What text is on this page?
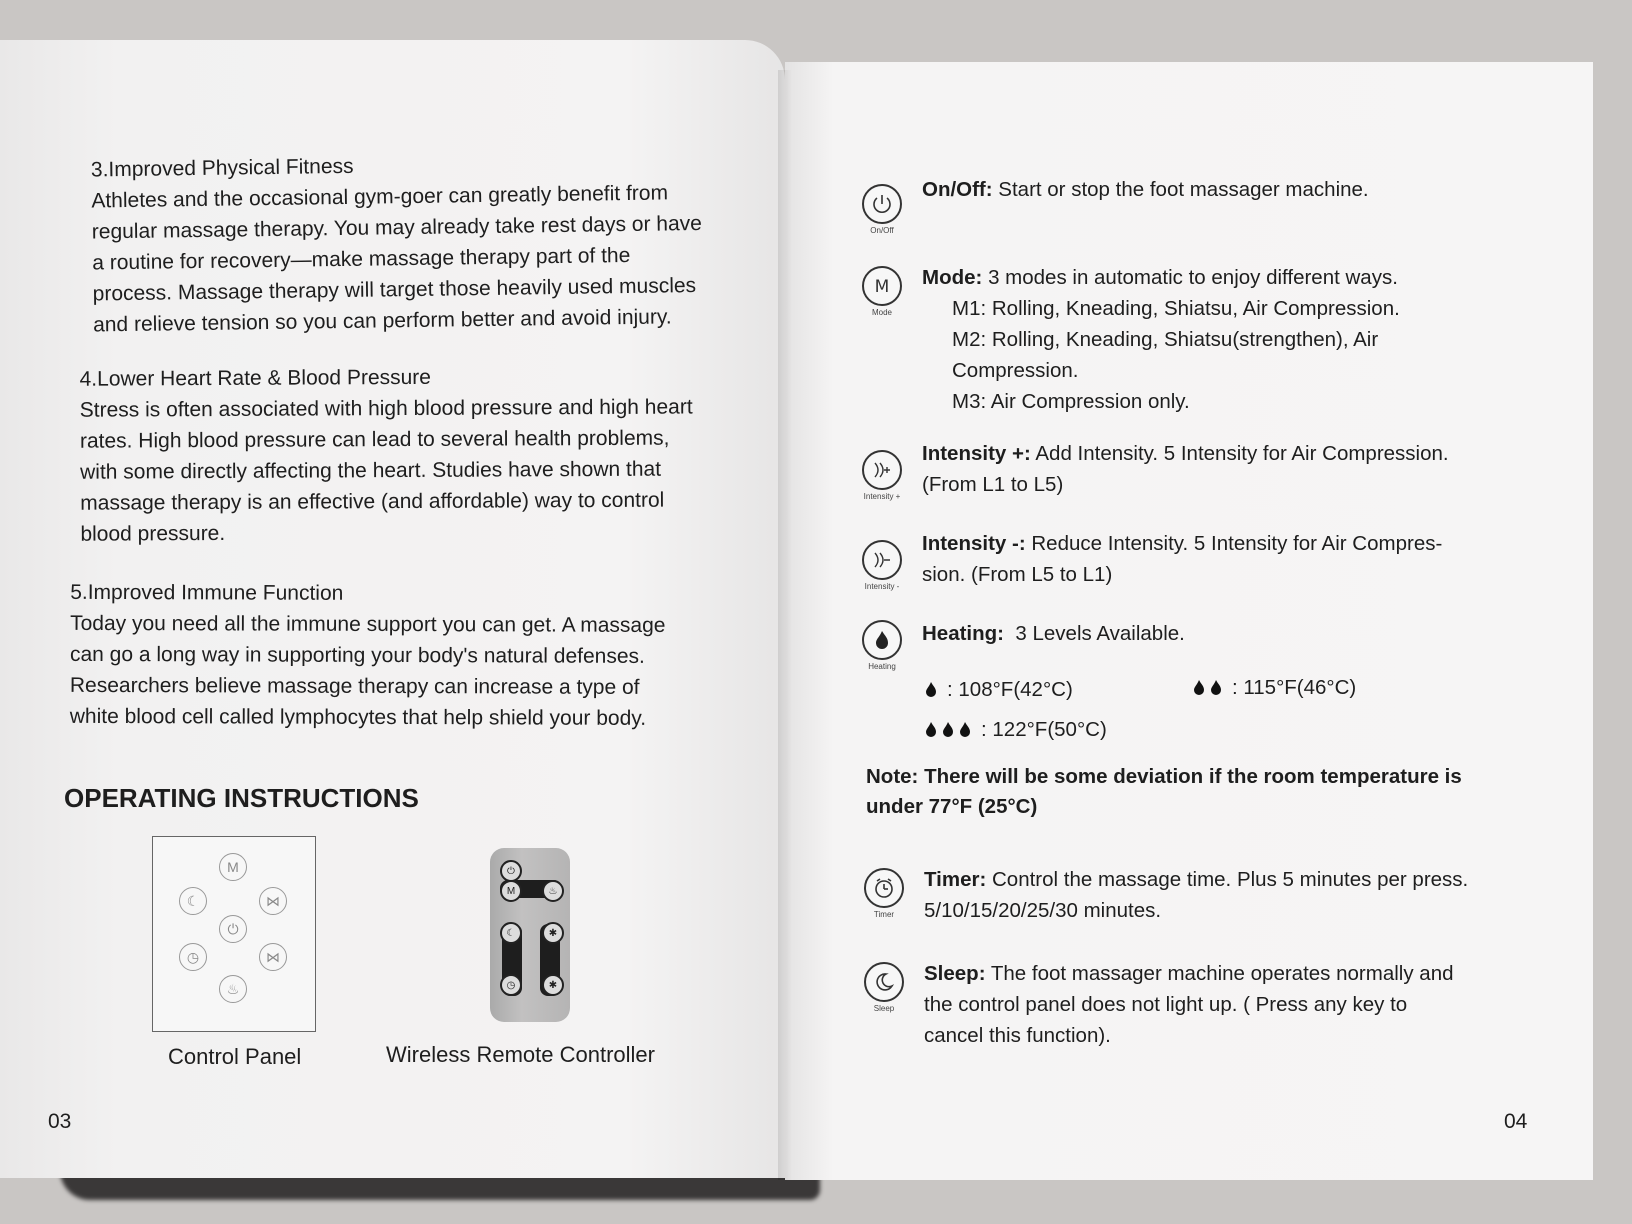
3.Improved Physical Fitness
Athletes and the occasional gym-goer can greatly benefit from
regular massage therapy. You may already take rest days or have
a routine for recovery—make massage therapy part of the
process. Massage therapy will target those heavily used muscles
and relieve tension so you can perform better and avoid injury.
4.Lower Heart Rate & Blood Pressure
Stress is often associated with high blood pressure and high heart
rates. High blood pressure can lead to several health problems,
with some directly affecting the heart. Studies have shown that
massage therapy is an effective (and affordable) way to control
blood pressure.
5.Improved Immune Function
Today you need all the immune support you can get. A massage
can go a long way in supporting your body's natural defenses.
Researchers believe massage therapy can increase a type of
white blood cell called lymphocytes that help shield your body.
OPERATING INSTRUCTIONS
M
☾	⋈
⏻
◷	⋈
♨
⏻
M	♨
☾	✱
◷	✱
Control Panel	Wireless Remote Controller
03
On/Off
On/Off: Start or stop the foot massager machine.
M
Mode
Mode: 3 modes in automatic to enjoy different ways.
M1: Rolling, Kneading, Shiatsu, Air Compression.
M2: Rolling, Kneading, Shiatsu(strengthen), Air
Compression.
M3: Air Compression only.
Intensity +
Intensity +: Add Intensity. 5 Intensity for Air Compression.
(From L1 to L5)
Intensity -
Intensity -: Reduce Intensity. 5 Intensity for Air Compres-
sion. (From L5 to L1)
Heating
Heating: 3 Levels Available.
: 108°F(42°C)	: 115°F(46°C)
: 122°F(50°C)
Note: There will be some deviation if the room temperature is
under 77°F (25°C)
Timer
Timer: Control the massage time. Plus 5 minutes per press.
5/10/15/20/25/30 minutes.
Sleep
Sleep: The foot massager machine operates normally and
the control panel does not light up. ( Press any key to
cancel this function).
04
